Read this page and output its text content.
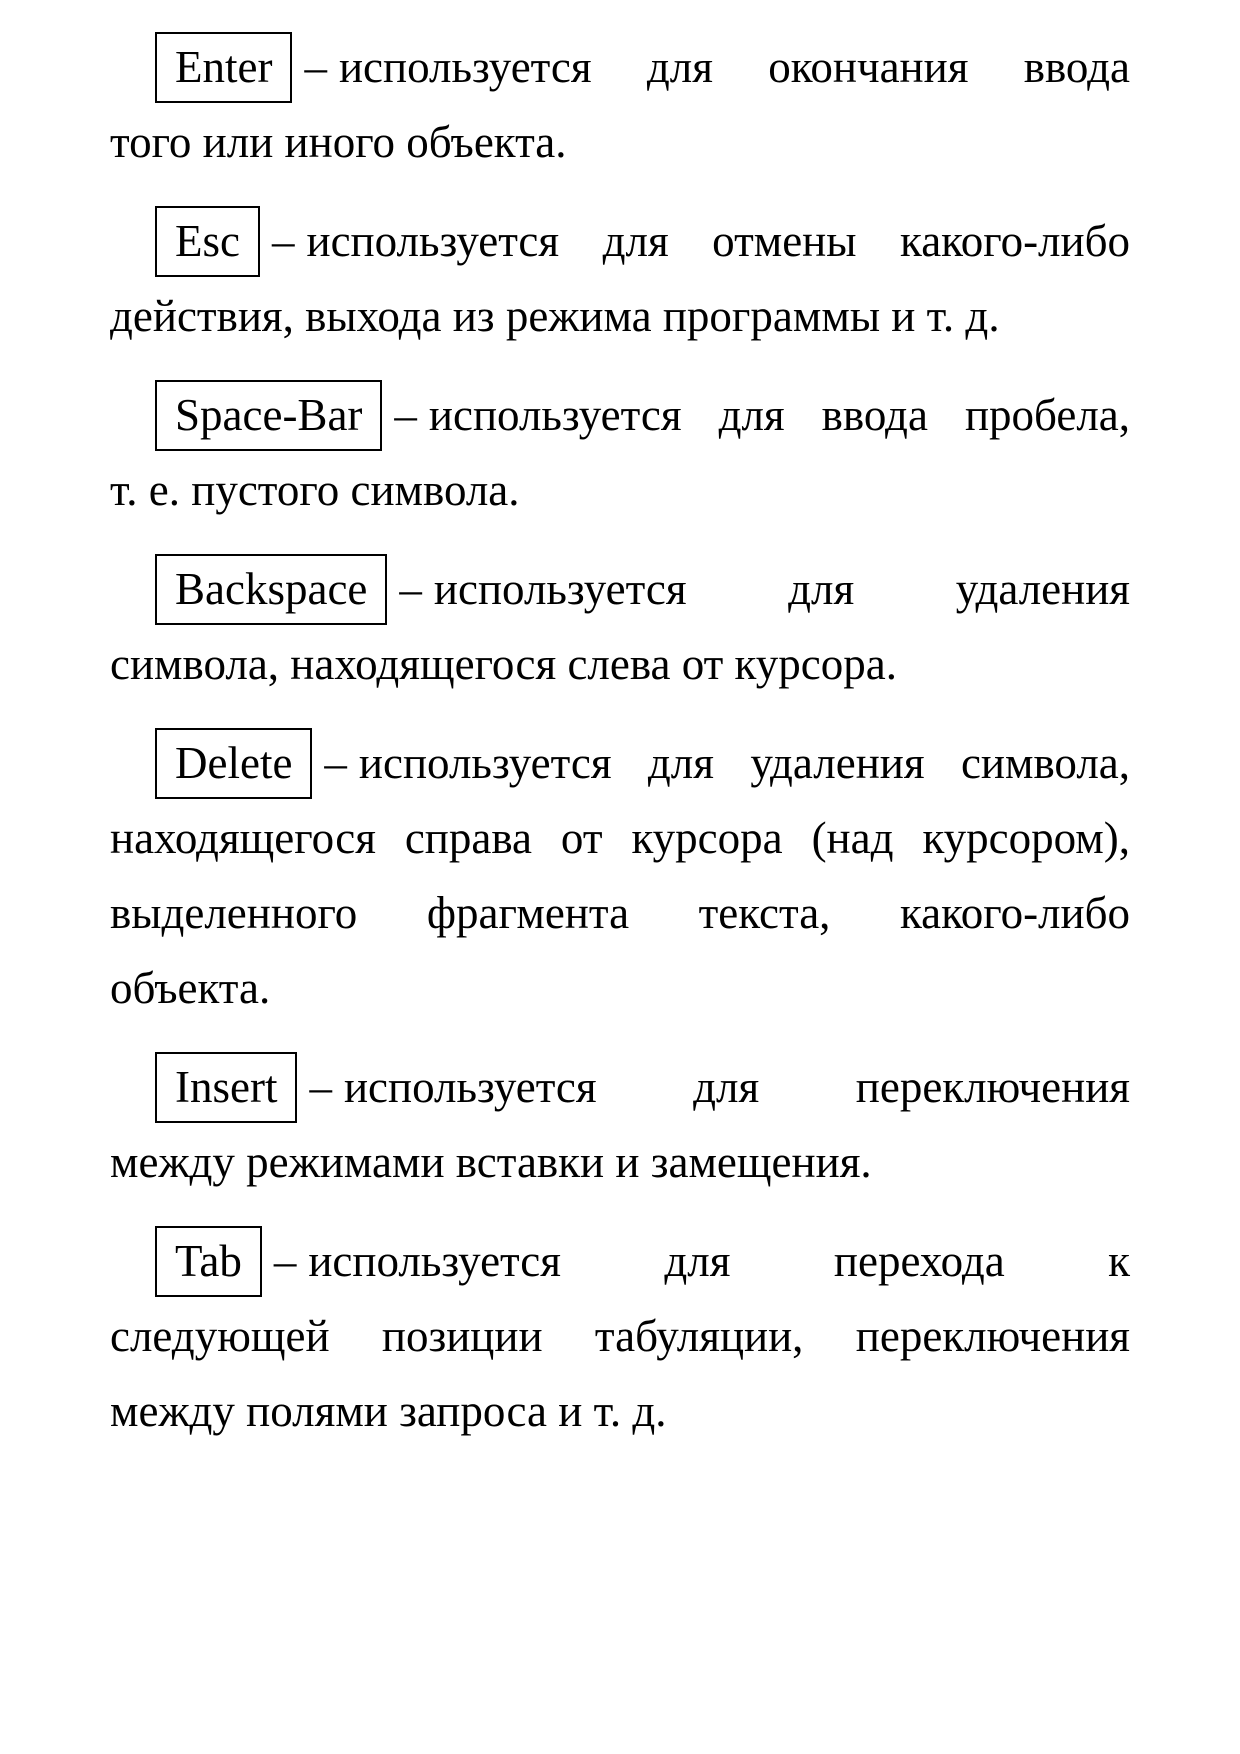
Enter – используется для окончания ввода
того или иного объекта.
Esc – используется для отмены какого-либо
действия, выхода из режима программы и т. д.
Space-Bar – используется для ввода пробела,
т. е. пустого символа.
Backspace – используется для удаления
символа, находящегося слева от курсора.
Delete – используется для удаления символа,
находящегося справа от курсора (над курсором),
выделенного фрагмента текста, какого-либо
объекта.
Insert – используется для переключения
между режимами вставки и замещения.
Tab – используется для перехода к
следующей позиции табуляции, переключения
между полями запроса и т. д.
